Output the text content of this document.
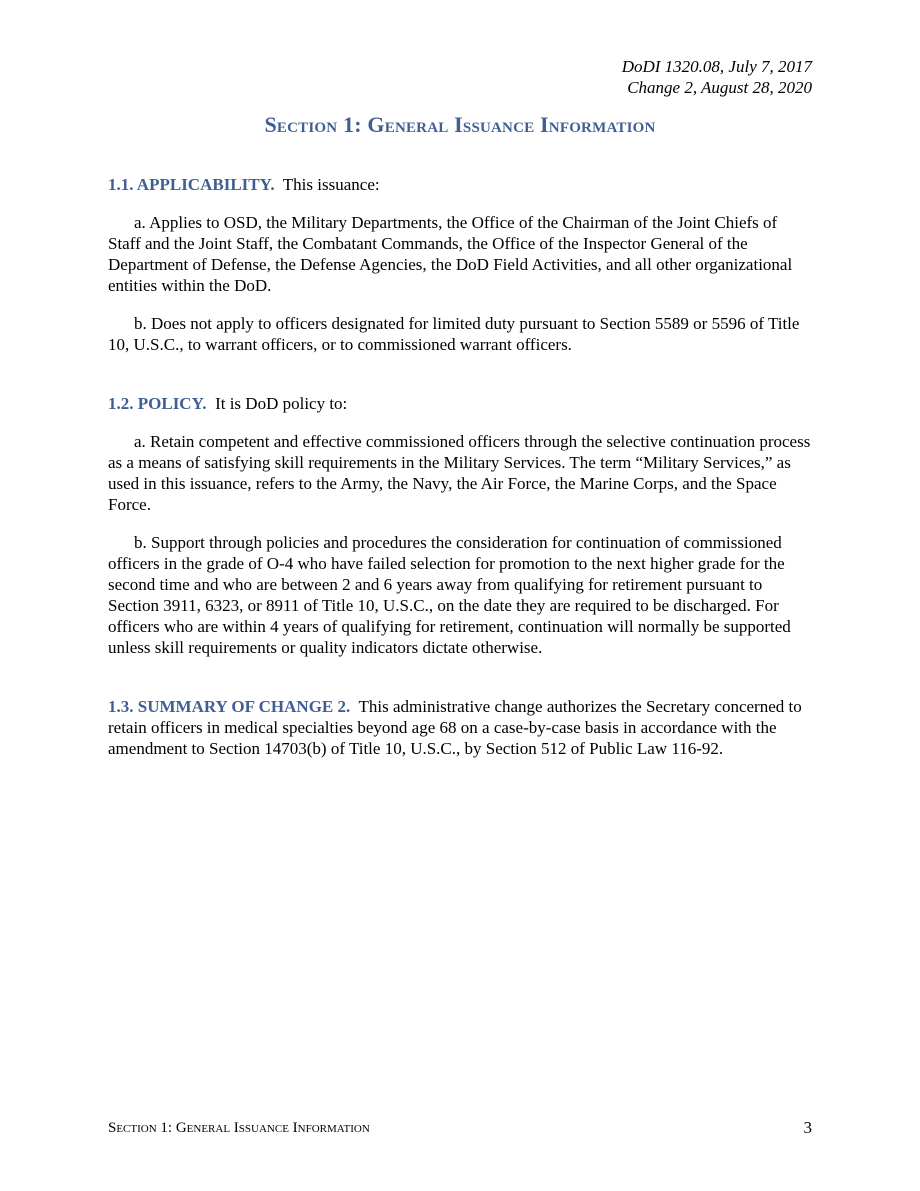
DoDI 1320.08, July 7, 2017
Change 2, August 28, 2020
Section 1: General Issuance Information

1.1. APPLICABILITY. This issuance:

a. Applies to OSD, the Military Departments, the Office of the Chairman of the Joint Chiefs of Staff and the Joint Staff, the Combatant Commands, the Office of the Inspector General of the Department of Defense, the Defense Agencies, the DoD Field Activities, and all other organizational entities within the DoD.

b. Does not apply to officers designated for limited duty pursuant to Section 5589 or 5596 of Title 10, U.S.C., to warrant officers, or to commissioned warrant officers.

1.2. POLICY. It is DoD policy to:

a. Retain competent and effective commissioned officers through the selective continuation process as a means of satisfying skill requirements in the Military Services. The term “Military Services,” as used in this issuance, refers to the Army, the Navy, the Air Force, the Marine Corps, and the Space Force.

b. Support through policies and procedures the consideration for continuation of commissioned officers in the grade of O-4 who have failed selection for promotion to the next higher grade for the second time and who are between 2 and 6 years away from qualifying for retirement pursuant to Section 3911, 6323, or 8911 of Title 10, U.S.C., on the date they are required to be discharged. For officers who are within 4 years of qualifying for retirement, continuation will normally be supported unless skill requirements or quality indicators dictate otherwise.

1.3. SUMMARY OF CHANGE 2. This administrative change authorizes the Secretary concerned to retain officers in medical specialties beyond age 68 on a case-by-case basis in accordance with the amendment to Section 14703(b) of Title 10, U.S.C., by Section 512 of Public Law 116-92.

Section 1: General Issuance Information	3
